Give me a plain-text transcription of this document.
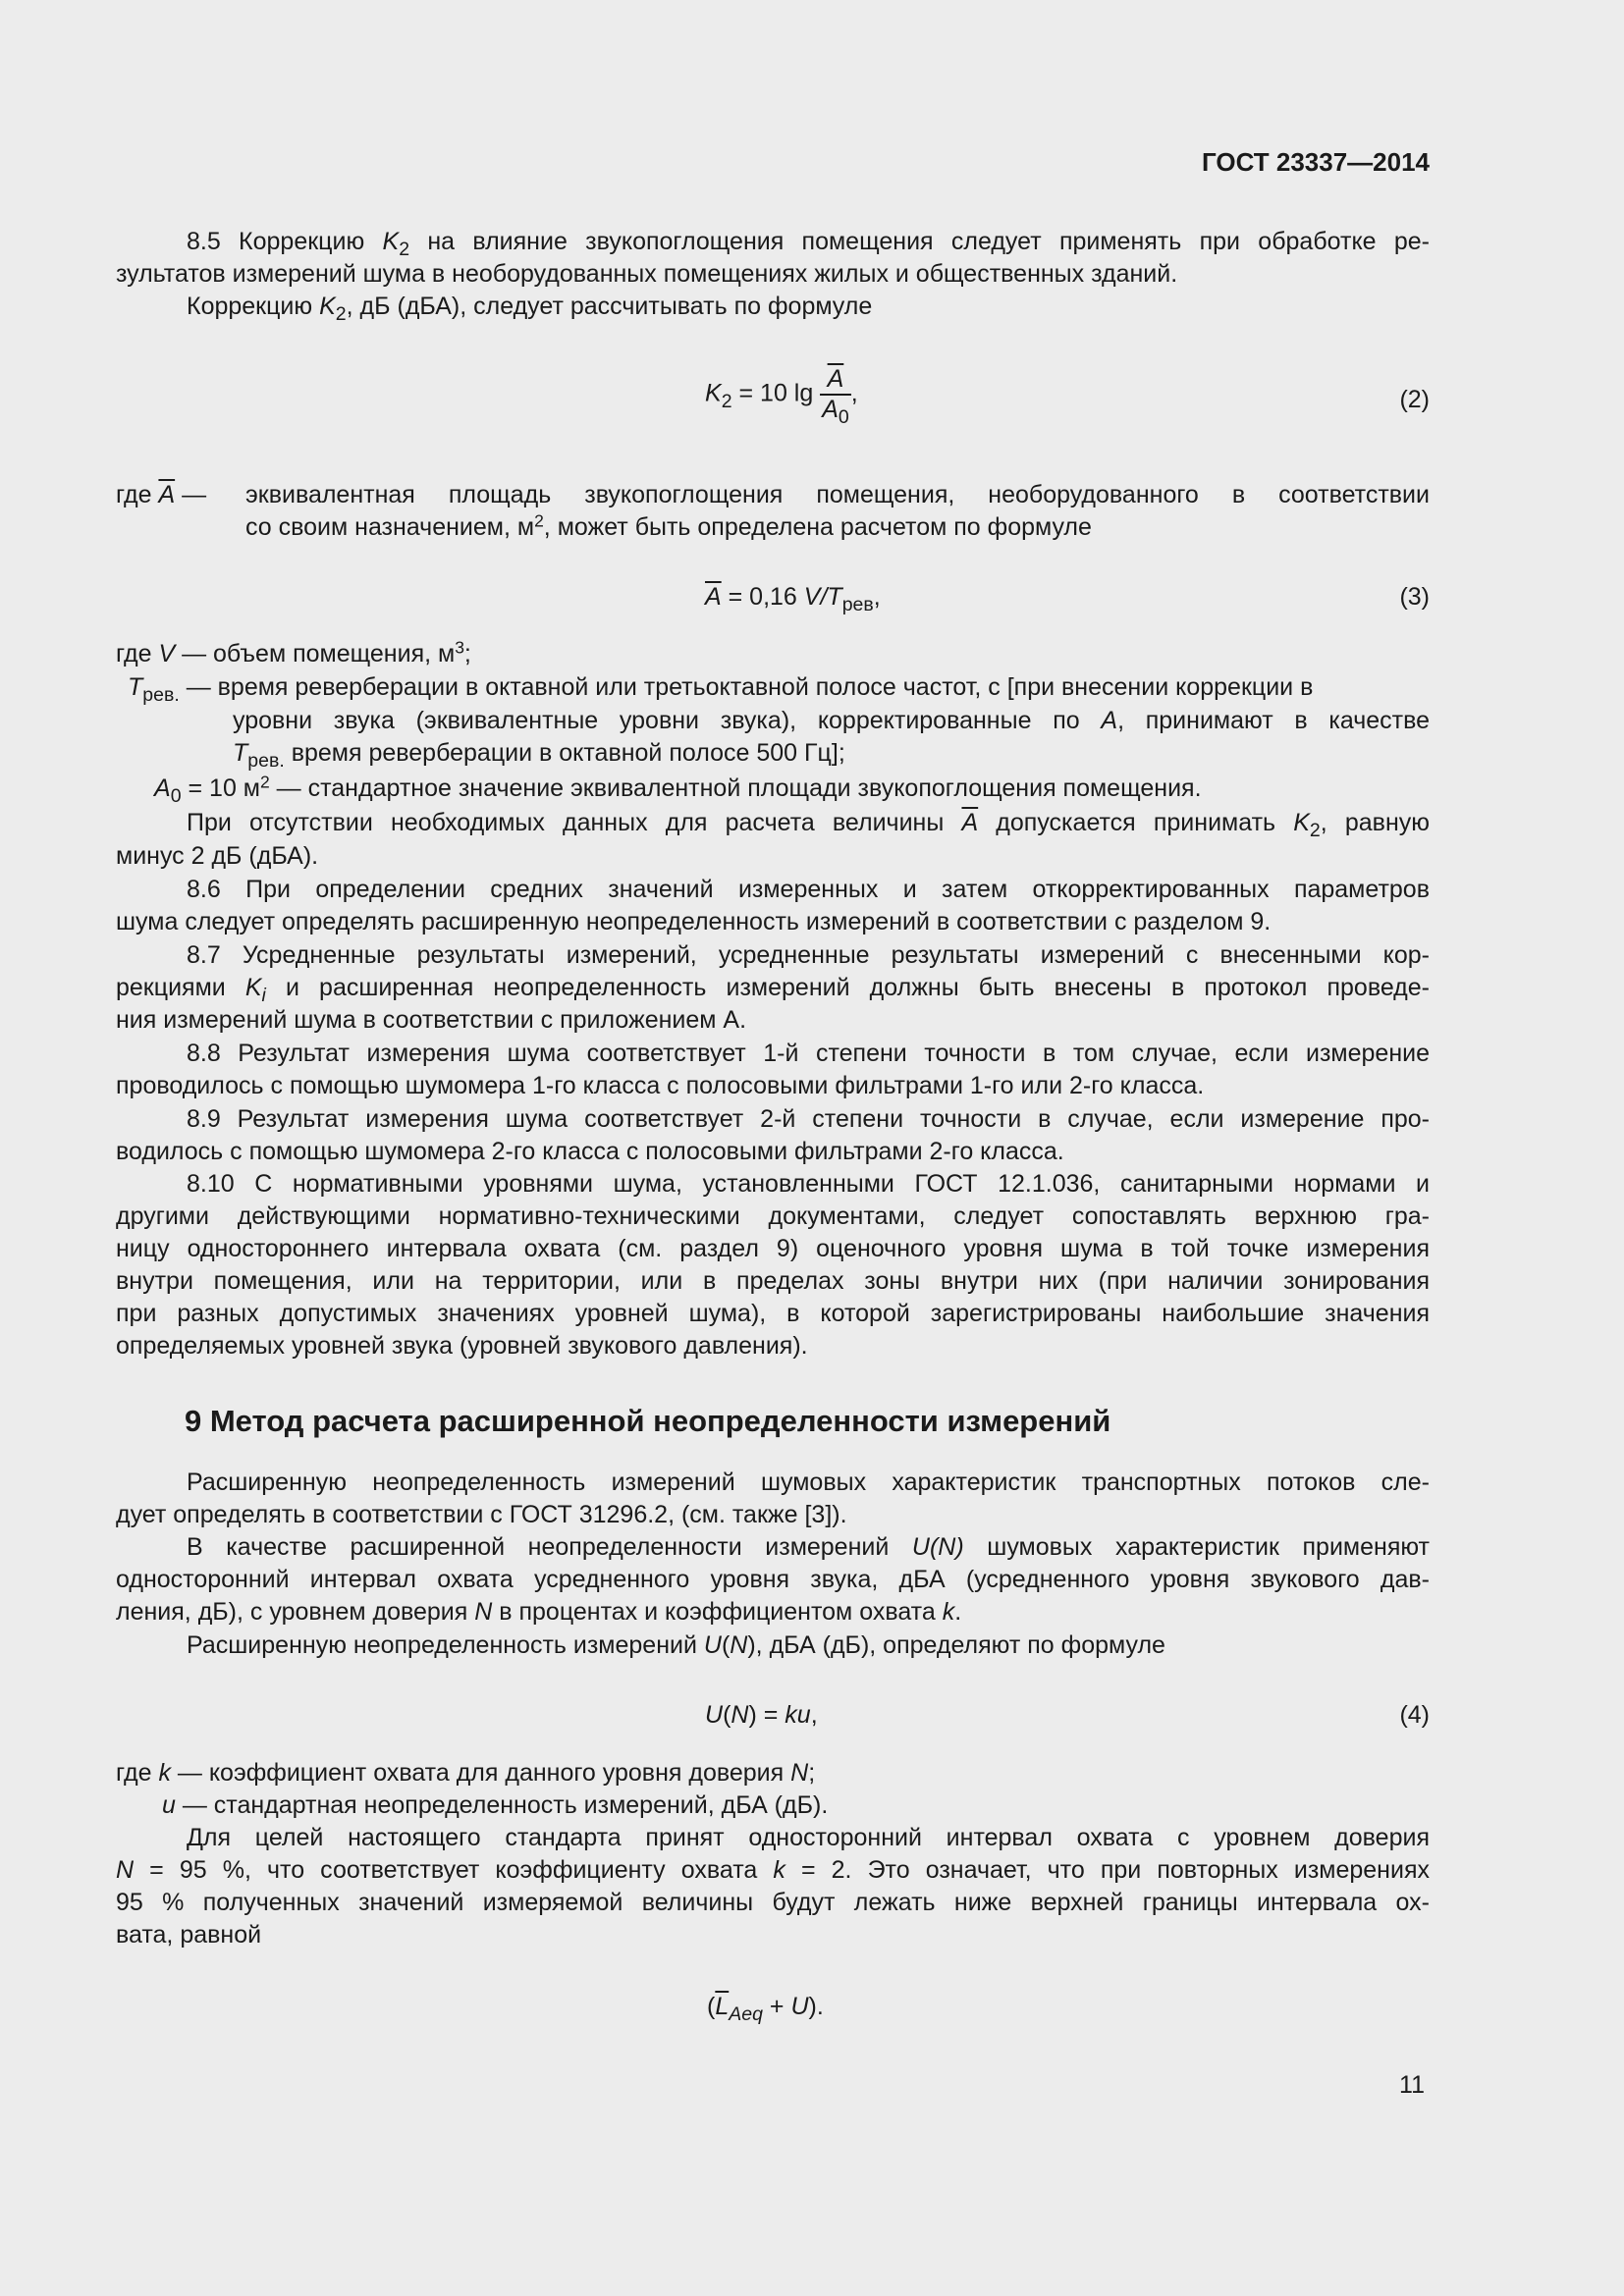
ГОСТ 23337—2014
8.5 Коррекцию $K_2$ на влияние звукопоглощения помещения следует применять при обработке ре-
зультатов измерений шума в необорудованных помещениях жилых и общественных зданий.
Коррекцию $K_2$, дБ (дБА), следует рассчитывать по формуле
$K_2 = 10$ $\lg \frac{\overline{A}}{A_0}$ ,	(2)
где $\overline{A}$ — эквивалентная площадь звукопоглощения помещения, необорудованного в соответствии
со своим назначением, $м^2$, может быть определена расчетом по формуле
$\overline{A} = 0,16$ $V/T_{рев}$,	(3)
где V — объем помещения, $м^3$;
$T_{рев.}$ — время реверберации в октавной или третьоктавной полосе частот, с [при внесении коррекции в
уровни звука (эквивалентные уровни звука), корректированные по A, принимают в качестве
$T_{рев.}$ время реверберации в октавной полосе 500 Гц];
$A_0 = 10$ $м^2$ — стандартное значение эквивалентной площади звукопоглощения помещения.
При отсутствии необходимых данных для расчета величины $\overline{A}$ допускается принимать $K_2$, равную
минус 2 дБ (дБА).
8.6 При определении средних значений измеренных и затем откорректированных параметров
шума следует определять расширенную неопределенность измерений в соответствии с разделом 9.
8.7 Усредненные результаты измерений, усредненные результаты измерений с внесенными кор-
рекциями $K_i$ и расширенная неопределенность измерений должны быть внесены в протокол проведе-
ния измерений шума в соответствии с приложением А.
8.8 Результат измерения шума соответствует 1-й степени точности в том случае, если измерение
проводилось с помощью шумомера 1-го класса с полосовыми фильтрами 1-го или 2-го класса.
8.9 Результат измерения шума соответствует 2-й степени точности в случае, если измерение про-
водилось с помощью шумомера 2-го класса с полосовыми фильтрами 2-го класса.
8.10 С нормативными уровнями шума, установленными ГОСТ 12.1.036, санитарными нормами и
другими действующими нормативно-техническими документами, следует сопоставлять верхнюю гра-
ницу одностороннего интервала охвата (см. раздел 9) оценочного уровня шума в той точке измерения
внутри помещения, или на территории, или в пределах зоны внутри них (при наличии зонирования
при разных допустимых значениях уровней шума), в которой зарегистрированы наибольшие значения
определяемых уровней звука (уровней звукового давления).
9 Метод расчета расширенной неопределенности измерений
Расширенную неопределенность измерений шумовых характеристик транспортных потоков сле-
дует определять в соответствии с ГОСТ 31296.2, (см. также [3]).
В качестве расширенной неопределенности измерений U(N) шумовых характеристик применяют
односторонний интервал охвата усредненного уровня звука, дБА (усредненного уровня звукового дав-
ления, дБ), с уровнем доверия N в процентах и коэффициентом охвата k.
Расширенную неопределенность измерений U(N), дБА (дБ), определяют по формуле
U(N) = ku,	(4)
где k — коэффициент охвата для данного уровня доверия N;
u — стандартная неопределенность измерений, дБА (дБ).
Для целей настоящего стандарта принят односторонний интервал охвата с уровнем доверия
N = 95 %, что соответствует коэффициенту охвата k = 2. Это означает, что при повторных измерениях
95 % полученных значений измеряемой величины будут лежать ниже верхней границы интервала ох-
вата, равной
$(\overline{L}_{Aeq} + U)$.
11
